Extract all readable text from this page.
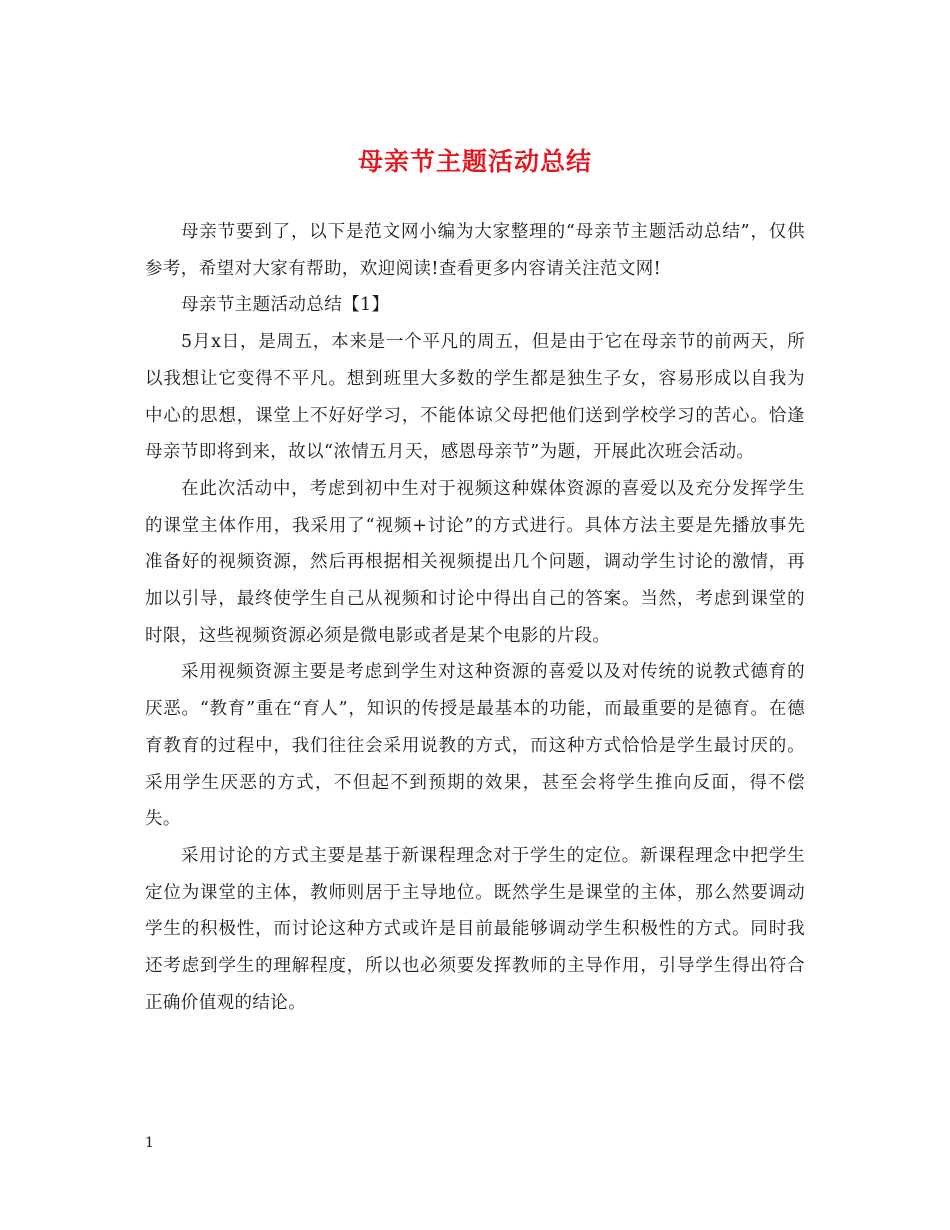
母亲节主题活动总结

母亲节要到了，以下是范文网小编为大家整理的“母亲节主题活动总结”，仅供参考，希望对大家有帮助，欢迎阅读!查看更多内容请关注范文网!

母亲节主题活动总结【1】

5月x日，是周五，本来是一个平凡的周五，但是由于它在母亲节的前两天，所以我想让它变得不平凡。想到班里大多数的学生都是独生子女，容易形成以自我为中心的思想，课堂上不好好学习，不能体谅父母把他们送到学校学习的苦心。恰逢母亲节即将到来，故以“浓情五月天，感恩母亲节”为题，开展此次班会活动。

在此次活动中，考虑到初中生对于视频这种媒体资源的喜爱以及充分发挥学生的课堂主体作用，我采用了“视频+讨论”的方式进行。具体方法主要是先播放事先准备好的视频资源，然后再根据相关视频提出几个问题，调动学生讨论的激情，再加以引导，最终使学生自己从视频和讨论中得出自己的答案。当然，考虑到课堂的时限，这些视频资源必须是微电影或者是某个电影的片段。

采用视频资源主要是考虑到学生对这种资源的喜爱以及对传统的说教式德育的厌恶。“教育”重在“育人”，知识的传授是最基本的功能，而最重要的是德育。在德育教育的过程中，我们往往会采用说教的方式，而这种方式恰恰是学生最讨厌的。采用学生厌恶的方式，不但起不到预期的效果，甚至会将学生推向反面，得不偿失。

采用讨论的方式主要是基于新课程理念对于学生的定位。新课程理念中把学生定位为课堂的主体，教师则居于主导地位。既然学生是课堂的主体，那么然要调动学生的积极性，而讨论这种方式或许是目前最能够调动学生积极性的方式。同时我还考虑到学生的理解程度，所以也必须要发挥教师的主导作用，引导学生得出符合正确价值观的结论。

1
